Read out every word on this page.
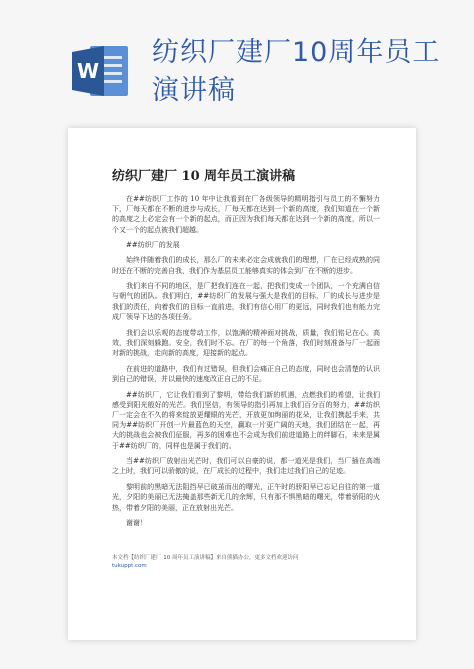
W
纺织厂建厂10周年员工演讲稿
纺织厂建厂 10 周年员工演讲稿

在##纺织厂工作的 10 年中让我看到在厂各级领导的精明指引与员工的不懈努力下，厂每天都在不断的进步与成长，厂每天都在达到一个新的高度，我们知道在一个新的高度之上必定会有一个新的起点，而正因为我们每天都在达到一个新的高度，所以一个又一个的起点被我们超越。

##纺织厂的发展

始终伴随着我们的成长，那么厂的未来必定会成就我们的理想，厂在已经成熟的同时还在不断的完善自我，我们作为基层员工能够真实的体会到厂在不断的进步。

我们来自不同的地区，是厂把我们连在一起，把我们变成一个团队，一个充满自信与朝气的团队。我们明白，##纺织厂的发展与强大是我们的目标，厂的成长与进步是我们的责任，向着我们的目标一直前进，我们有信心用厂的更远，同时我们也有能力完成厂领导下达的各项任务。

我们会以乐观的态度带动工作，以饱满的精神面对挑战，质量，我们铭记在心。高效，我们深刻躲跑。安全，我们时不忘。在厂的每一个角落，我们时刻准备与厂一起面对新的挑战，走向新的高度，迎接新的起点。

在前进的道路中，我们有过错误，但我们会痛正自己的态度，同时也会清楚的认识到自己的错误，并以最快的速度改正自己的不足。

##纺织厂，它让我们看到了黎明，带给我们新的机遇，点燃我们的希望，让我们感受到阳光般好的光芒。我们坚信，有领导的指引再加上我们百分百的努力，##纺织厂一定会在不久的将来绽放更耀眼的光芒，开放更加绚丽的花朵，让我们携起手来，共同为##纺织厂开创一片最蓝色的天空，赢取一片更广阔的天地，我们团结在一起，再大的挑战也会被我们征服，再多的困难也不会成为我们前进道路上的绊脚石，未来是属于##纺织厂的，同样也是属于我们的。

当##纺织厂放射出光芒时，我们可以自豪的说，都一道光是我们，当厂插在高端之上时，我们可以骄傲的说，在厂成长的过程中，我们走过我们自己的足迹。

黎明前的黑暗无法阻挡早已破茧而出的曙光，正午时的骄阳早已忘记自往的第一道光，夕阳的美丽已无法掩盖那些新无几的余辉，只有那不惧黑暗的曙光，带着骄阳的火热，带着夕阳的美丽，正在放射出光芒。

谢谢！

本文档【纺织厂建厂 10 周年员工演讲稿】来自熊猫办公，更多文档欢迎访问
tukuppt.com
